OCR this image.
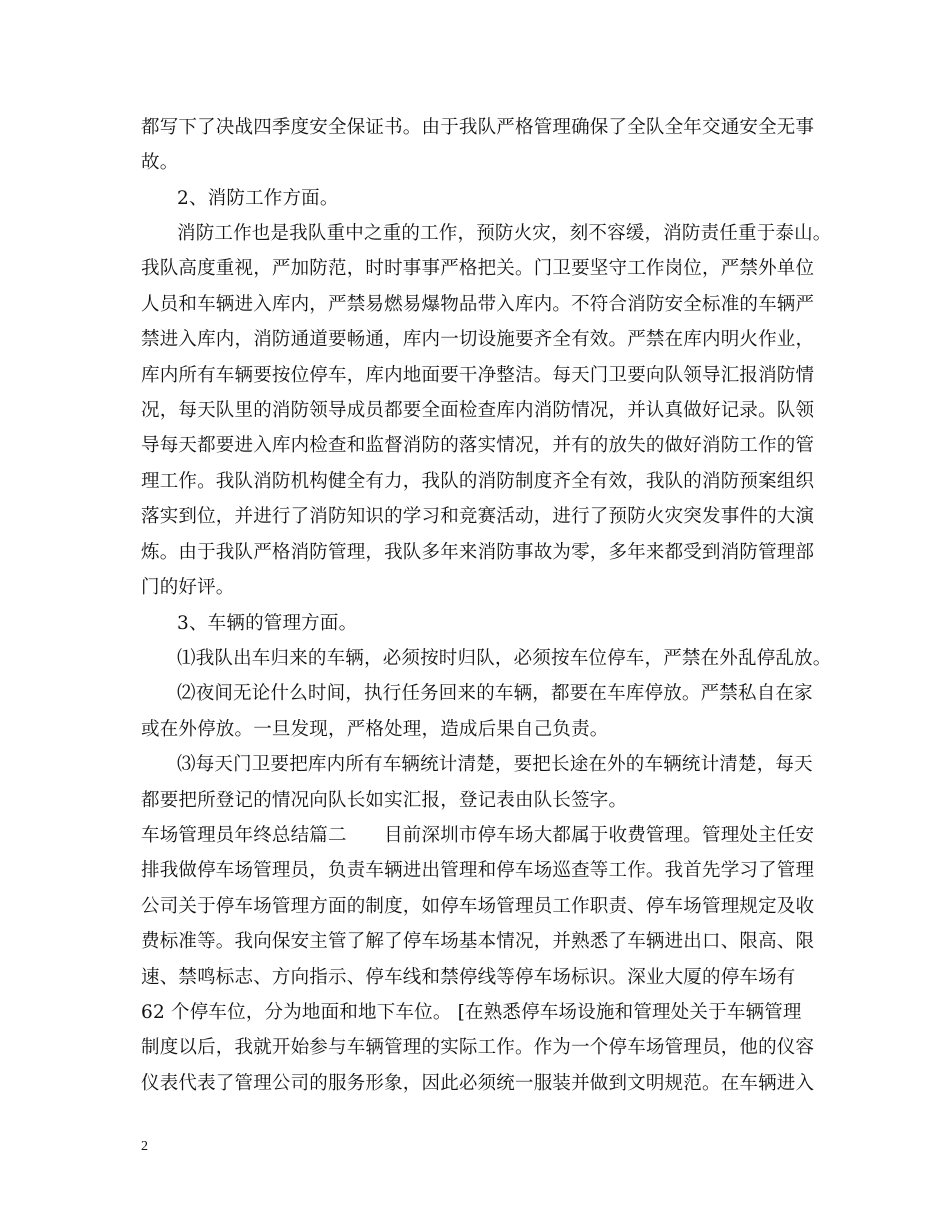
都写下了决战四季度安全保证书。由于我队严格管理确保了全队全年交通安全无事
故。
2、消防工作方面。
消防工作也是我队重中之重的工作，预防火灾，刻不容缓，消防责任重于泰山。
我队高度重视，严加防范，时时事事严格把关。门卫要坚守工作岗位，严禁外单位
人员和车辆进入库内，严禁易燃易爆物品带入库内。不符合消防安全标准的车辆严
禁进入库内，消防通道要畅通，库内一切设施要齐全有效。严禁在库内明火作业，
库内所有车辆要按位停车，库内地面要干净整洁。每天门卫要向队领导汇报消防情
况，每天队里的消防领导成员都要全面检查库内消防情况，并认真做好记录。队领
导每天都要进入库内检查和监督消防的落实情况，并有的放失的做好消防工作的管
理工作。我队消防机构健全有力，我队的消防制度齐全有效，我队的消防预案组织
落实到位，并进行了消防知识的学习和竞赛活动，进行了预防火灾突发事件的大演
炼。由于我队严格消防管理，我队多年来消防事故为零，多年来都受到消防管理部
门的好评。
3、车辆的管理方面。
⑴我队出车归来的车辆，必须按时归队，必须按车位停车，严禁在外乱停乱放。
⑵夜间无论什么时间，执行任务回来的车辆，都要在车库停放。严禁私自在家
或在外停放。一旦发现，严格处理，造成后果自己负责。
⑶每天门卫要把库内所有车辆统计清楚，要把长途在外的车辆统计清楚，每天
都要把所登记的情况向队长如实汇报，登记表由队长签字。
车场管理员年终总结篇二　　目前深圳市停车场大都属于收费管理。管理处主任安
排我做停车场管理员，负责车辆进出管理和停车场巡查等工作。我首先学习了管理
公司关于停车场管理方面的制度，如停车场管理员工作职责、停车场管理规定及收
费标准等。我向保安主管了解了停车场基本情况，并熟悉了车辆进出口、限高、限
速、禁鸣标志、方向指示、停车线和禁停线等停车场标识。深业大厦的停车场有
62 个停车位，分为地面和地下车位。 [在熟悉停车场设施和管理处关于车辆管理
制度以后，我就开始参与车辆管理的实际工作。作为一个停车场管理员，他的仪容
仪表代表了管理公司的服务形象，因此必须统一服装并做到文明规范。在车辆进入
2
